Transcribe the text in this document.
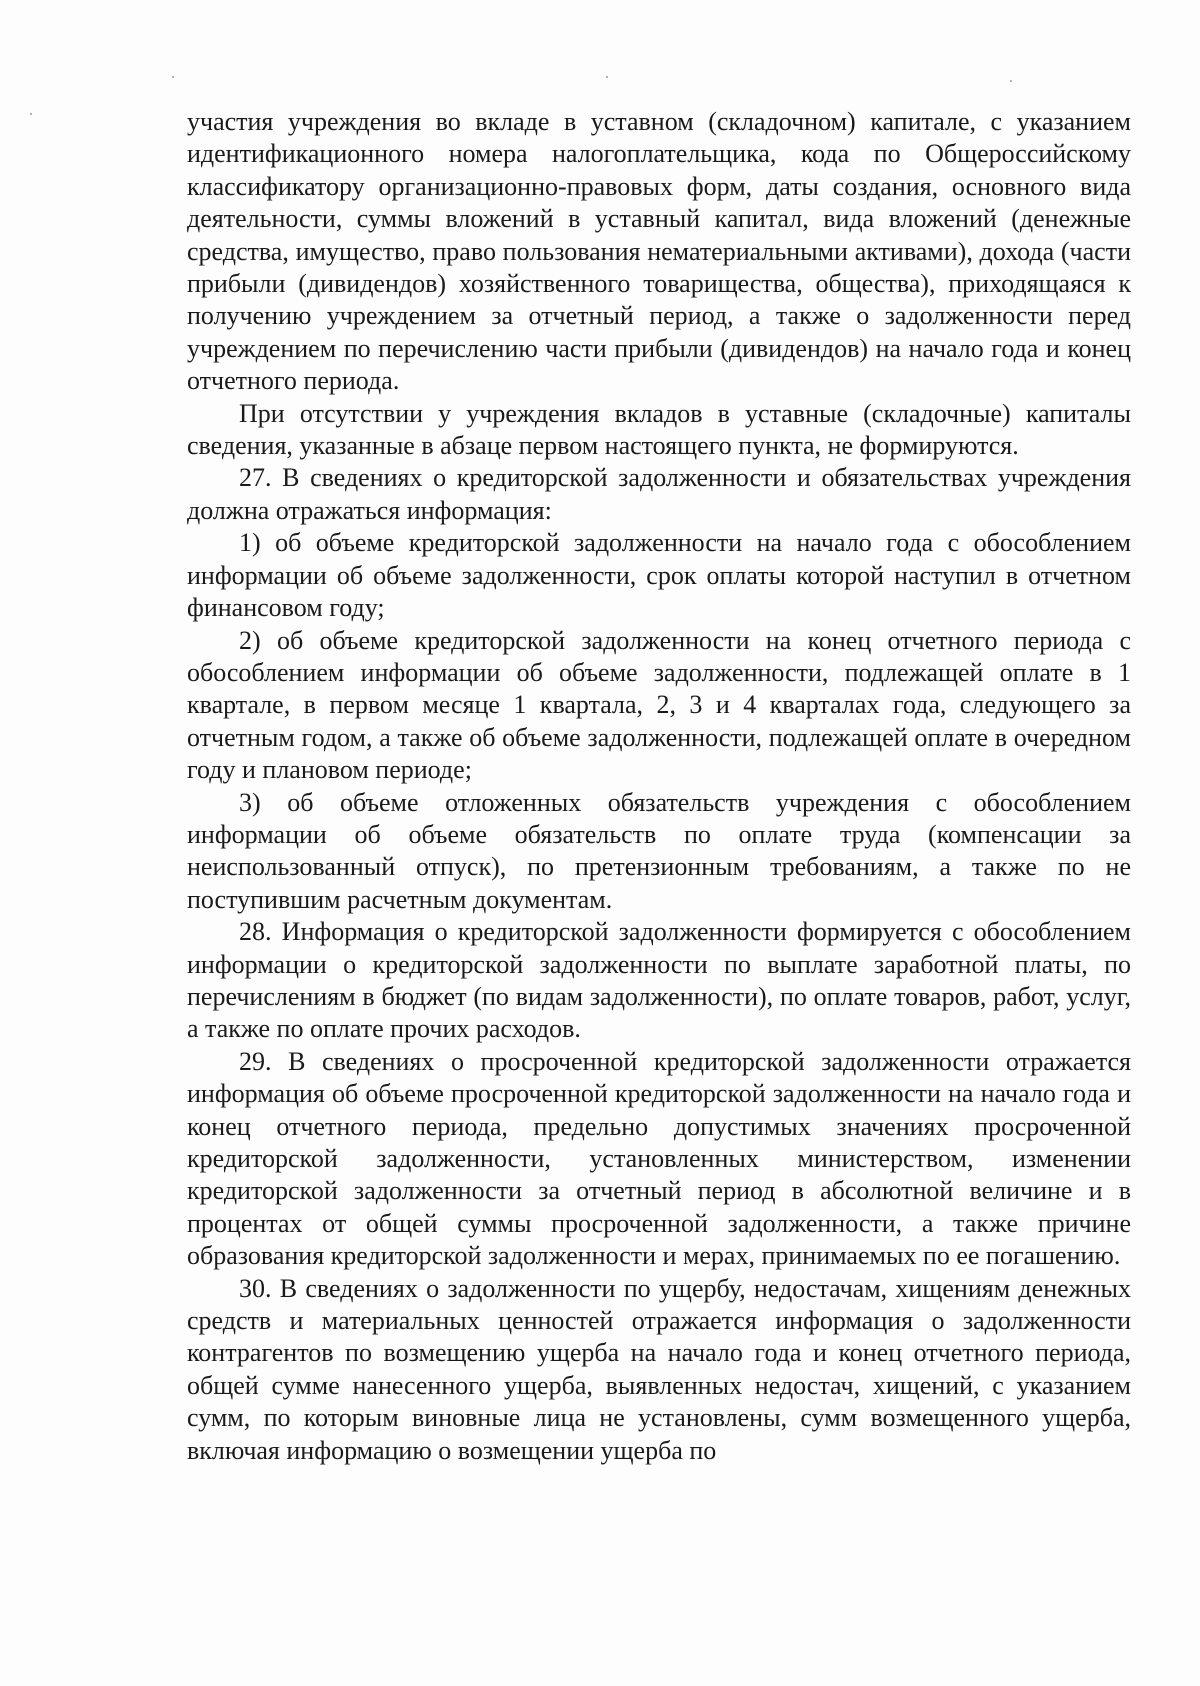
участия учреждения во вкладе в уставном (складочном) капитале, с указанием идентификационного номера налогоплательщика, кода по Общероссийскому классификатору организационно-правовых форм, даты создания, основного вида деятельности, суммы вложений в уставный капитал, вида вложений (денежные средства, имущество, право пользования нематериальными активами), дохода (части прибыли (дивидендов) хозяйственного товарищества, общества), приходящаяся к получению учреждением за отчетный период, а также о задолженности перед учреждением по перечислению части прибыли (дивидендов) на начало года и конец отчетного периода.

При отсутствии у учреждения вкладов в уставные (складочные) капиталы сведения, указанные в абзаце первом настоящего пункта, не формируются.

27. В сведениях о кредиторской задолженности и обязательствах учреждения должна отражаться информация:

1) об объеме кредиторской задолженности на начало года с обособлением информации об объеме задолженности, срок оплаты которой наступил в отчетном финансовом году;

2) об объеме кредиторской задолженности на конец отчетного периода с обособлением информации об объеме задолженности, подлежащей оплате в 1 квартале, в первом месяце 1 квартала, 2, 3 и 4 кварталах года, следующего за отчетным годом, а также об объеме задолженности, подлежащей оплате в очередном году и плановом периоде;

3) об объеме отложенных обязательств учреждения с обособлением информации об объеме обязательств по оплате труда (компенсации за неиспользованный отпуск), по претензионным требованиям, а также по не поступившим расчетным документам.

28. Информация о кредиторской задолженности формируется с обособлением информации о кредиторской задолженности по выплате заработной платы, по перечислениям в бюджет (по видам задолженности), по оплате товаров, работ, услуг, а также по оплате прочих расходов.

29. В сведениях о просроченной кредиторской задолженности отражается информация об объеме просроченной кредиторской задолженности на начало года и конец отчетного периода, предельно допустимых значениях просроченной кредиторской задолженности, установленных министерством, изменении кредиторской задолженности за отчетный период в абсолютной величине и в процентах от общей суммы просроченной задолженности, а также причине образования кредиторской задолженности и мерах, принимаемых по ее погашению.

30. В сведениях о задолженности по ущербу, недостачам, хищениям денежных средств и материальных ценностей отражается информация о задолженности контрагентов по возмещению ущерба на начало года и конец отчетного периода, общей сумме нанесенного ущерба, выявленных недостач, хищений, с указанием сумм, по которым виновные лица не установлены, сумм возмещенного ущерба, включая информацию о возмещении ущерба по
